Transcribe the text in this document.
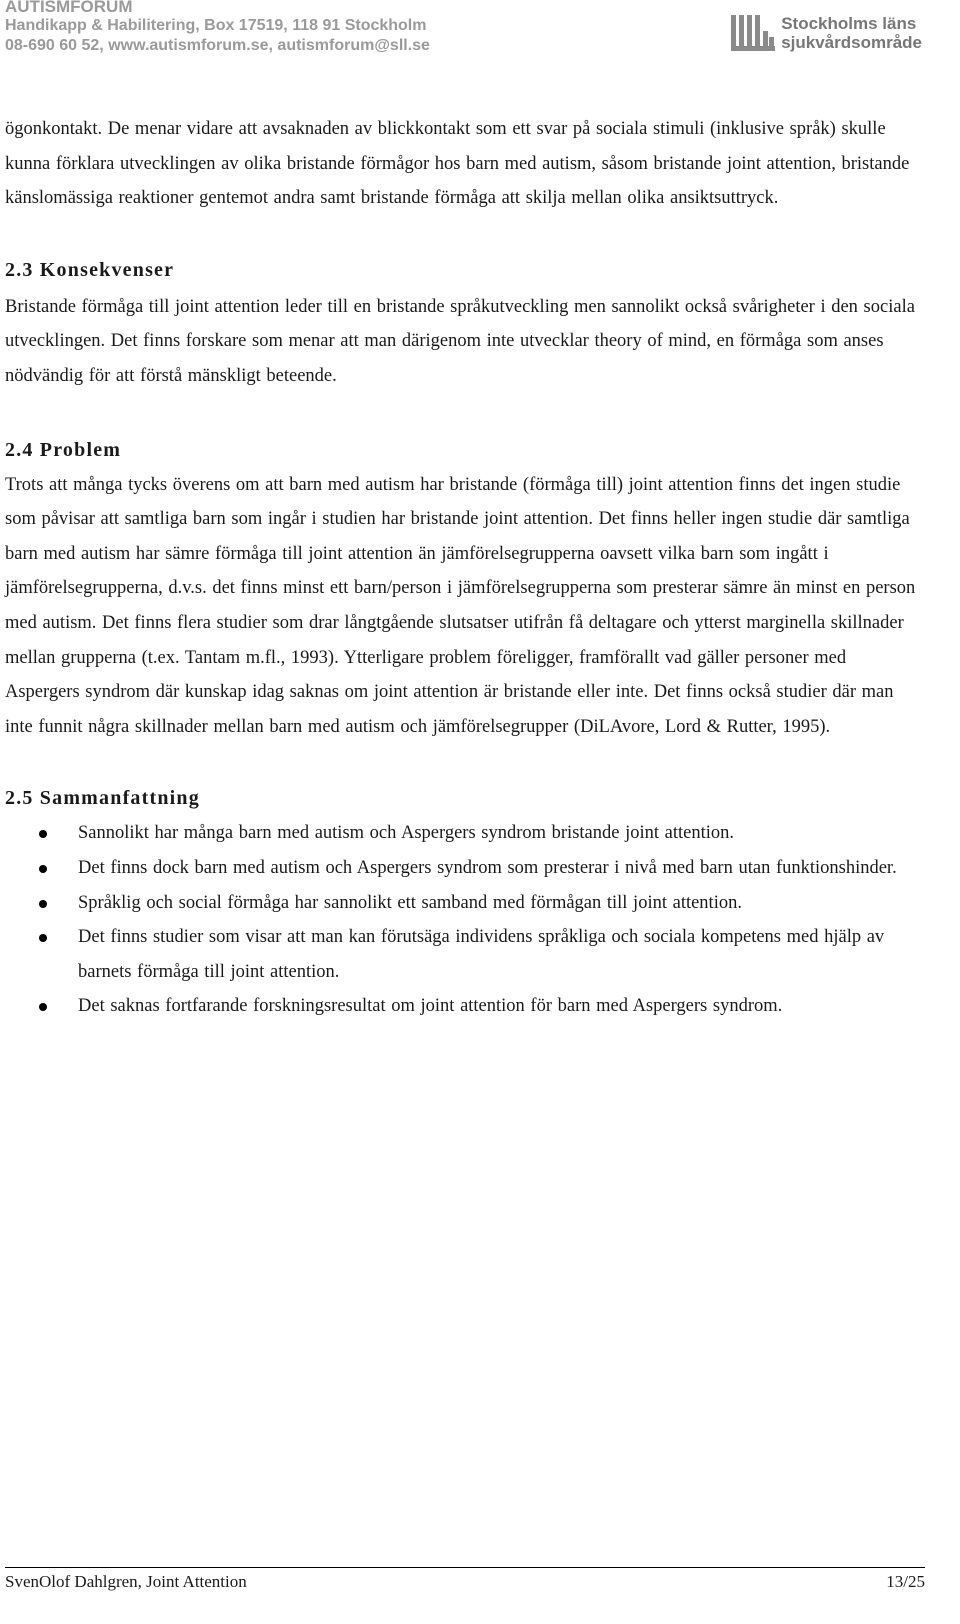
AUTISMFORUM
Handikapp & Habilitering, Box 17519, 118 91 Stockholm
08-690 60 52, www.autismforum.se, autismforum@sll.se
Stockholms läns
sjukvårdsområde

ögonkontakt. De menar vidare att avsaknaden av blickkontakt som ett svar på sociala stimuli (inklusive språk) skulle kunna förklara utvecklingen av olika bristande förmågor hos barn med autism, såsom bristande joint attention, bristande känslomässiga reaktioner gentemot andra samt bristande förmåga att skilja mellan olika ansiktsuttryck.

2.3 Konsekvenser

Bristande förmåga till joint attention leder till en bristande språkutveckling men sannolikt också svårigheter i den sociala utvecklingen. Det finns forskare som menar att man därigenom inte utvecklar theory of mind, en förmåga som anses nödvändig för att förstå mänskligt beteende.

2.4 Problem

Trots att många tycks överens om att barn med autism har bristande (förmåga till) joint attention finns det ingen studie som påvisar att samtliga barn som ingår i studien har bristande joint attention. Det finns heller ingen studie där samtliga barn med autism har sämre förmåga till joint attention än jämförelsegrupperna oavsett vilka barn som ingått i jämförelsegrupperna, d.v.s. det finns minst ett barn/person i jämförelsegrupperna som presterar sämre än minst en person med autism. Det finns flera studier som drar långtgående slutsatser utifrån få deltagare och ytterst marginella skillnader mellan grupperna (t.ex. Tantam m.fl., 1993). Ytterligare problem föreligger, framförallt vad gäller personer med Aspergers syndrom där kunskap idag saknas om joint attention är bristande eller inte. Det finns också studier där man inte funnit några skillnader mellan barn med autism och jämförelsegrupper (DiLAvore, Lord & Rutter, 1995).

2.5 Sammanfattning
Sannolikt har många barn med autism och Aspergers syndrom bristande joint attention.
Det finns dock barn med autism och Aspergers syndrom som presterar i nivå med barn utan funktionshinder.
Språklig och social förmåga har sannolikt ett samband med förmågan till joint attention.
Det finns studier som visar att man kan förutsäga individens språkliga och sociala kompetens med hjälp av barnets förmåga till joint attention.
Det saknas fortfarande forskningsresultat om joint attention för barn med Aspergers syndrom.
SvenOlof Dahlgren, Joint Attention	13/25
